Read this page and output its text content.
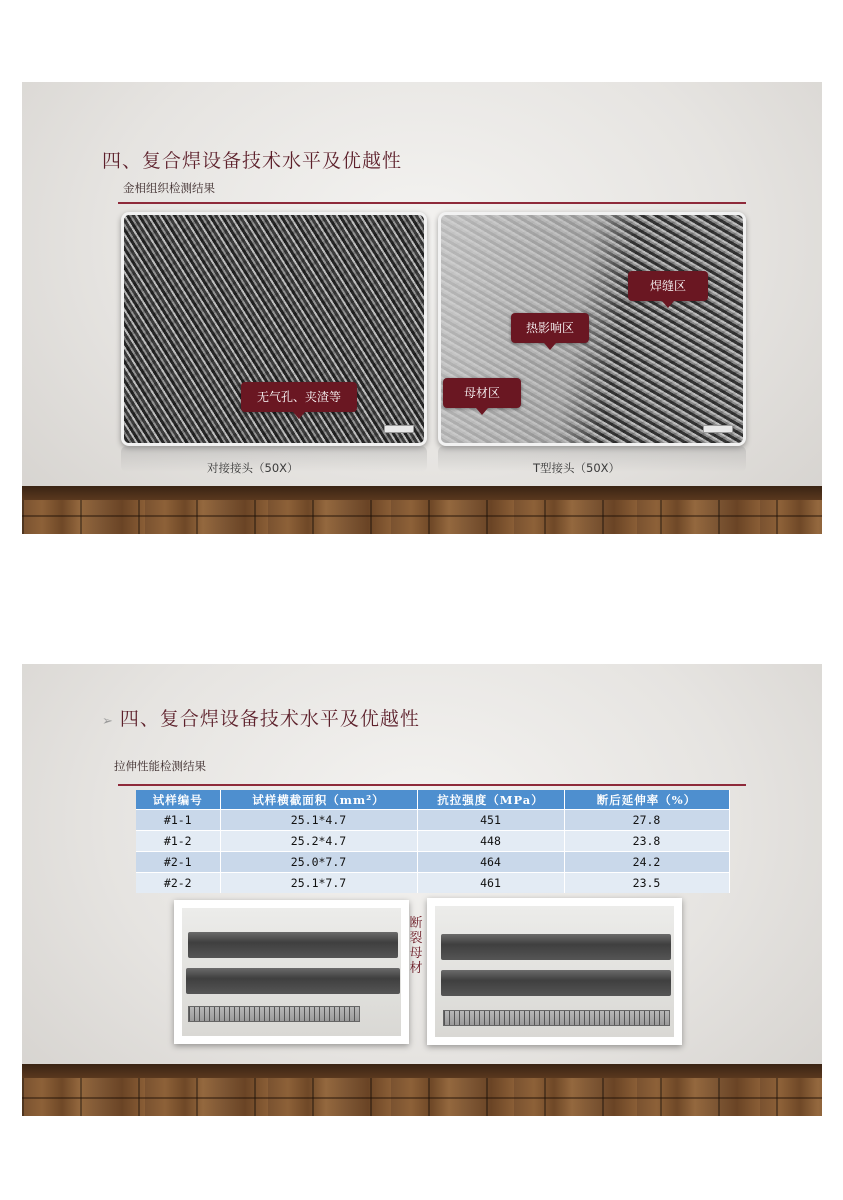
四、复合焊设备技术水平及优越性
金相组织检测结果
无气孔、夹渣等
焊缝区
热影响区
母材区
对接接头（50X）	T型接头（50X）
➢ 四、复合焊设备技术水平及优越性
拉伸性能检测结果
试样编号	试样横截面积（mm²）	抗拉强度（MPa）	断后延伸率（%）
#1-1	25.1*4.7	451	27.8
#1-2	25.2*4.7	448	23.8
#2-1	25.0*7.7	464	24.2
#2-2	25.1*7.7	461	23.5
断裂母材
